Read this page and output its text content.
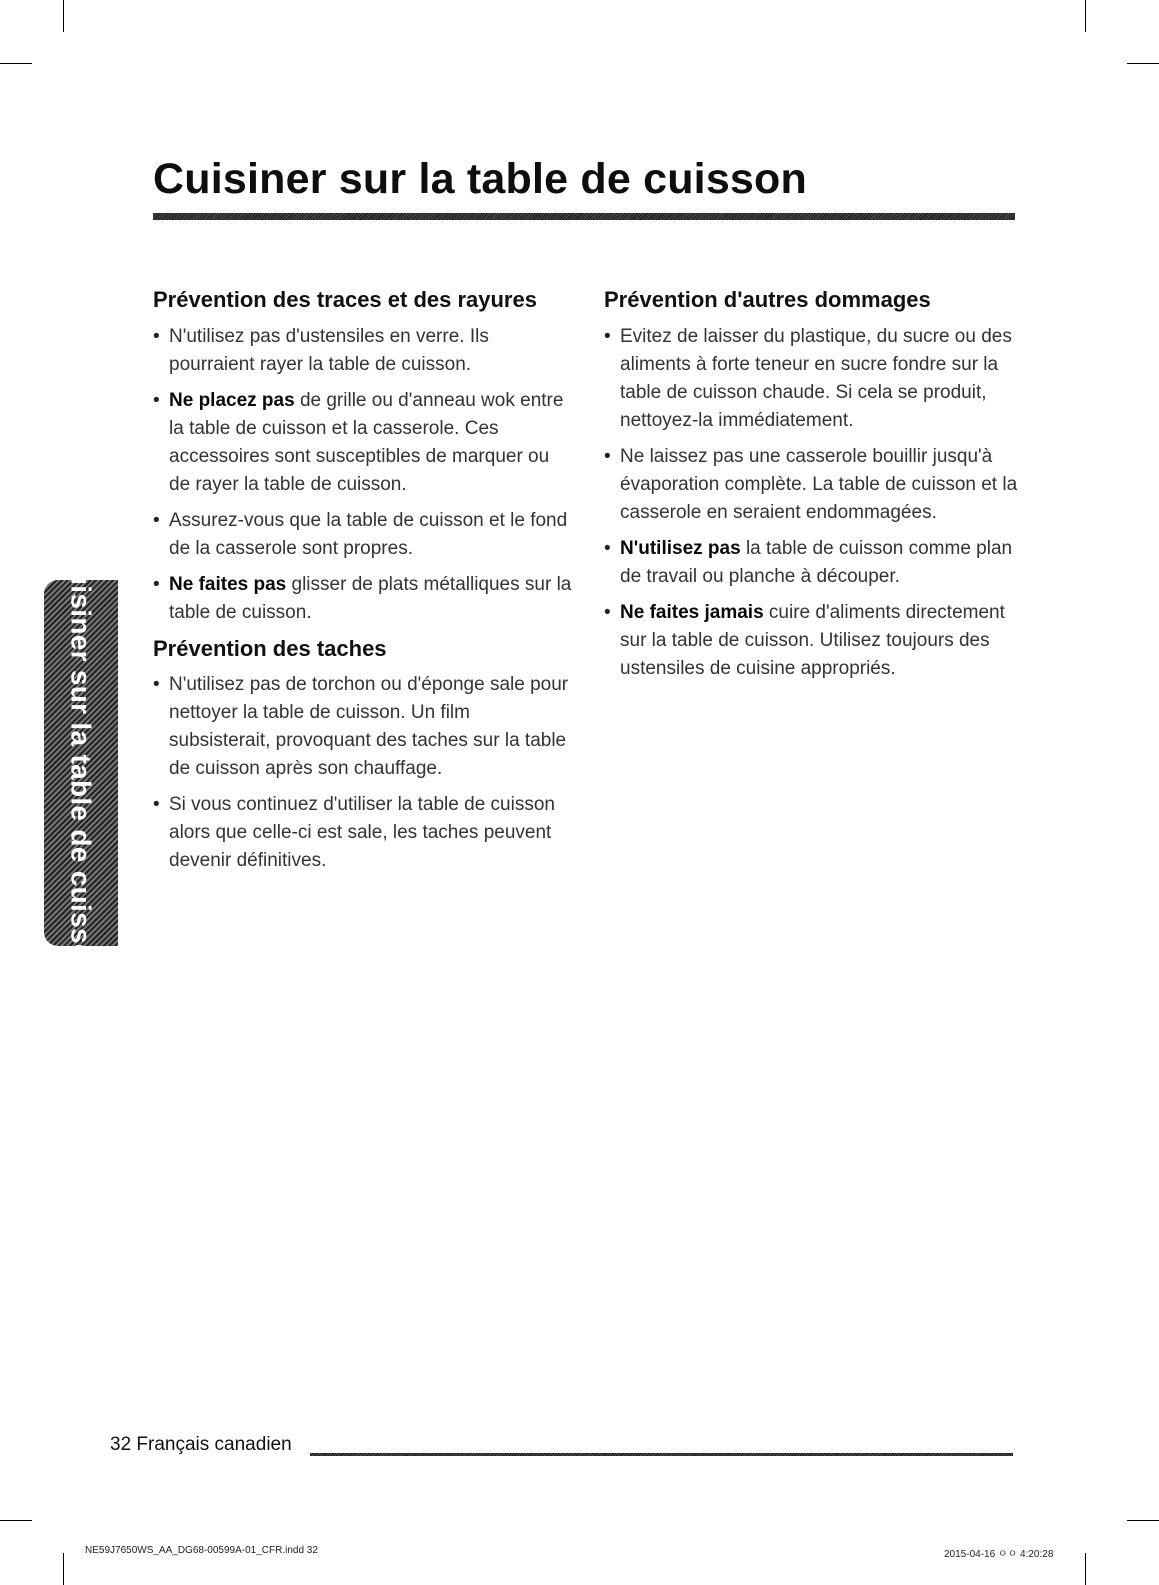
Cuisiner sur la table de cuisson
Cuisiner sur la table de cuisson
Prévention des traces et des rayures
• N'utilisez pas d'ustensiles en verre. Ils pourraient rayer la table de cuisson.
• Ne placez pas de grille ou d'anneau wok entre la table de cuisson et la casserole. Ces accessoires sont susceptibles de marquer ou de rayer la table de cuisson.
• Assurez-vous que la table de cuisson et le fond de la casserole sont propres.
• Ne faites pas glisser de plats métalliques sur la table de cuisson.
Prévention des taches
• N'utilisez pas de torchon ou d'éponge sale pour nettoyer la table de cuisson. Un film subsisterait, provoquant des taches sur la table de cuisson après son chauffage.
• Si vous continuez d'utiliser la table de cuisson alors que celle-ci est sale, les taches peuvent devenir définitives.
Prévention d'autres dommages
• Evitez de laisser du plastique, du sucre ou des aliments à forte teneur en sucre fondre sur la table de cuisson chaude. Si cela se produit, nettoyez-la immédiatement.
• Ne laissez pas une casserole bouillir jusqu'à évaporation complète. La table de cuisson et la casserole en seraient endommagées.
• N'utilisez pas la table de cuisson comme plan de travail ou planche à découper.
• Ne faites jamais cuire d'aliments directement sur la table de cuisson. Utilisez toujours des ustensiles de cuisine appropriés.
32 Français canadien
NE59J7650WS_AA_DG68-00599A-01_CFR.indd 32	2015-04-16 ㅇㅇ 4:20:28
